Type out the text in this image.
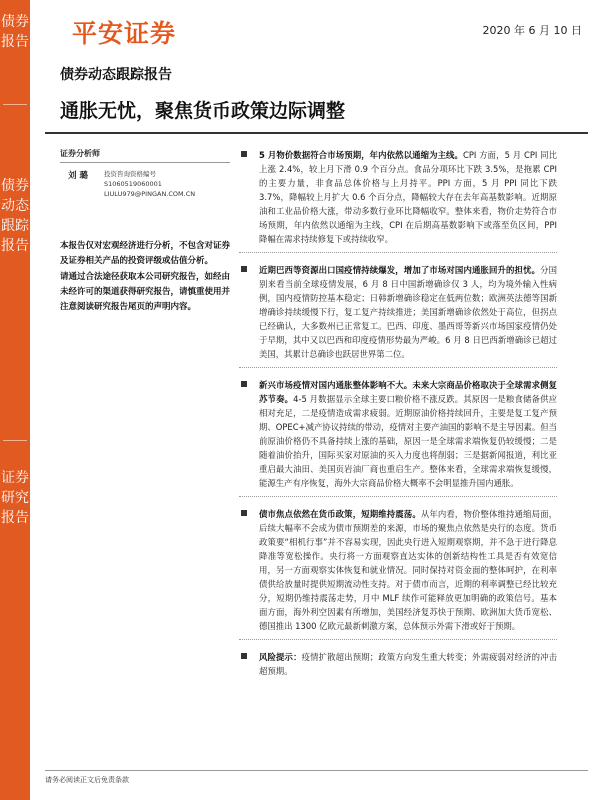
债券报告
债券动态跟踪报告
证券研究报告
平安证券	2020 年 6 月 10 日
债券动态跟踪报告
通胀无忧，聚焦货币政策边际调整
证券分析师
刘 璐	投资咨询资格编号
S1060519060001
LIULU979@PINGAN.COM.CN

本报告仅对宏观经济进行分析，不包含对证券及证券相关产品的投资评级或估值分析。

请通过合法途径获取本公司研究报告，如经由未经许可的渠道获得研究报告，请慎重使用并注意阅读研究报告尾页的声明内容。

5 月物价数据符合市场预期，年内依然以通缩为主线。CPI 方面，5 月 CPI 同比上涨 2.4%，较上月下滑 0.9 个百分点。食品分项环比下跌 3.5%，是拖累 CPI 的主要力量，非食品总体价格与上月持平。PPI 方面，5 月 PPI 同比下跌 3.7%，降幅较上月扩大 0.6 个百分点，降幅较大存在去年高基数影响。近期原油和工业品价格大涨，带动多数行业环比降幅收窄。整体来看，物价走势符合市场预期，年内依然以通缩为主线，CPI 在后期高基数影响下或落至负区间，PPI 降幅在需求持续修复下或持续收窄。
近期巴西等资源出口国疫情持续爆发，增加了市场对国内通胀回升的担忧。分国别来看当前全球疫情发展，6 月 8 日中国新增确诊仅 3 人，均为境外输入性病例，国内疫情防控基本稳定；日韩新增确诊稳定在低两位数；欧洲英法德等国新增确诊持续缓慢下行，复工复产持续推进；美国新增确诊依然处于高位，但拐点已经确认，大多数州已正常复工。巴西、印度、墨西哥等新兴市场国家疫情仍处于早期，其中又以巴西和印度疫情形势最为严峻。6 月 8 日巴西新增确诊已超过美国，其累计总确诊也跃居世界第二位。
新兴市场疫情对国内通胀整体影响不大。未来大宗商品价格取决于全球需求侧复苏节奏。4-5 月数据显示全球主要口粮价格不涨反跌。其原因一是粮食储备供应相对充足，二是疫情造成需求疲弱。近期原油价格持续回升，主要是复工复产预期、OPEC+减产协议持续的带动，疫情对主要产油国的影响不是主导因素。但当前原油价格仍不具备持续上涨的基础，原因一是全球需求端恢复仍较缓慢；二是随着油价抬升，国际买家对原油的买入力度也将削弱；三是据新闻报道，利比亚重启最大油田、美国页岩油厂商也重启生产。整体来看，全球需求端恢复缓慢，能源生产有序恢复，海外大宗商品价格大概率不会明显推升国内通胀。
债市焦点依然在货币政策，短期维持震荡。从年内看，物价整体维持通缩局面，后续大幅率不会成为债市预期差的来源，市场的聚焦点依然是央行的态度。货币政策要“相机行事”并不容易实现，因此央行进入短期观察期，并不急于进行降息降准等宽松操作。央行将一方面观察直达实体的创新结构性工具是否有效宽信用，另一方面观察实体恢复和就业情况。同时保持对资金面的整体呵护，在利率债供给放量时提供短期流动性支持。对于债市而言，近期的利率调整已经比较充分，短期仍维持震荡走势，月中 MLF 续作可能释放更加明确的政策信号。基本面方面，海外利空因素有所增加，美国经济复苏快于预期、欧洲加大货币宽松、德国推出 1300 亿欧元最新刺激方案，总体预示外需下滑或好于预期。
风险提示：疫情扩散超出预期；政策方向发生重大转变；外需疲弱对经济的冲击超预期。
请务必阅读正文后免责条款
